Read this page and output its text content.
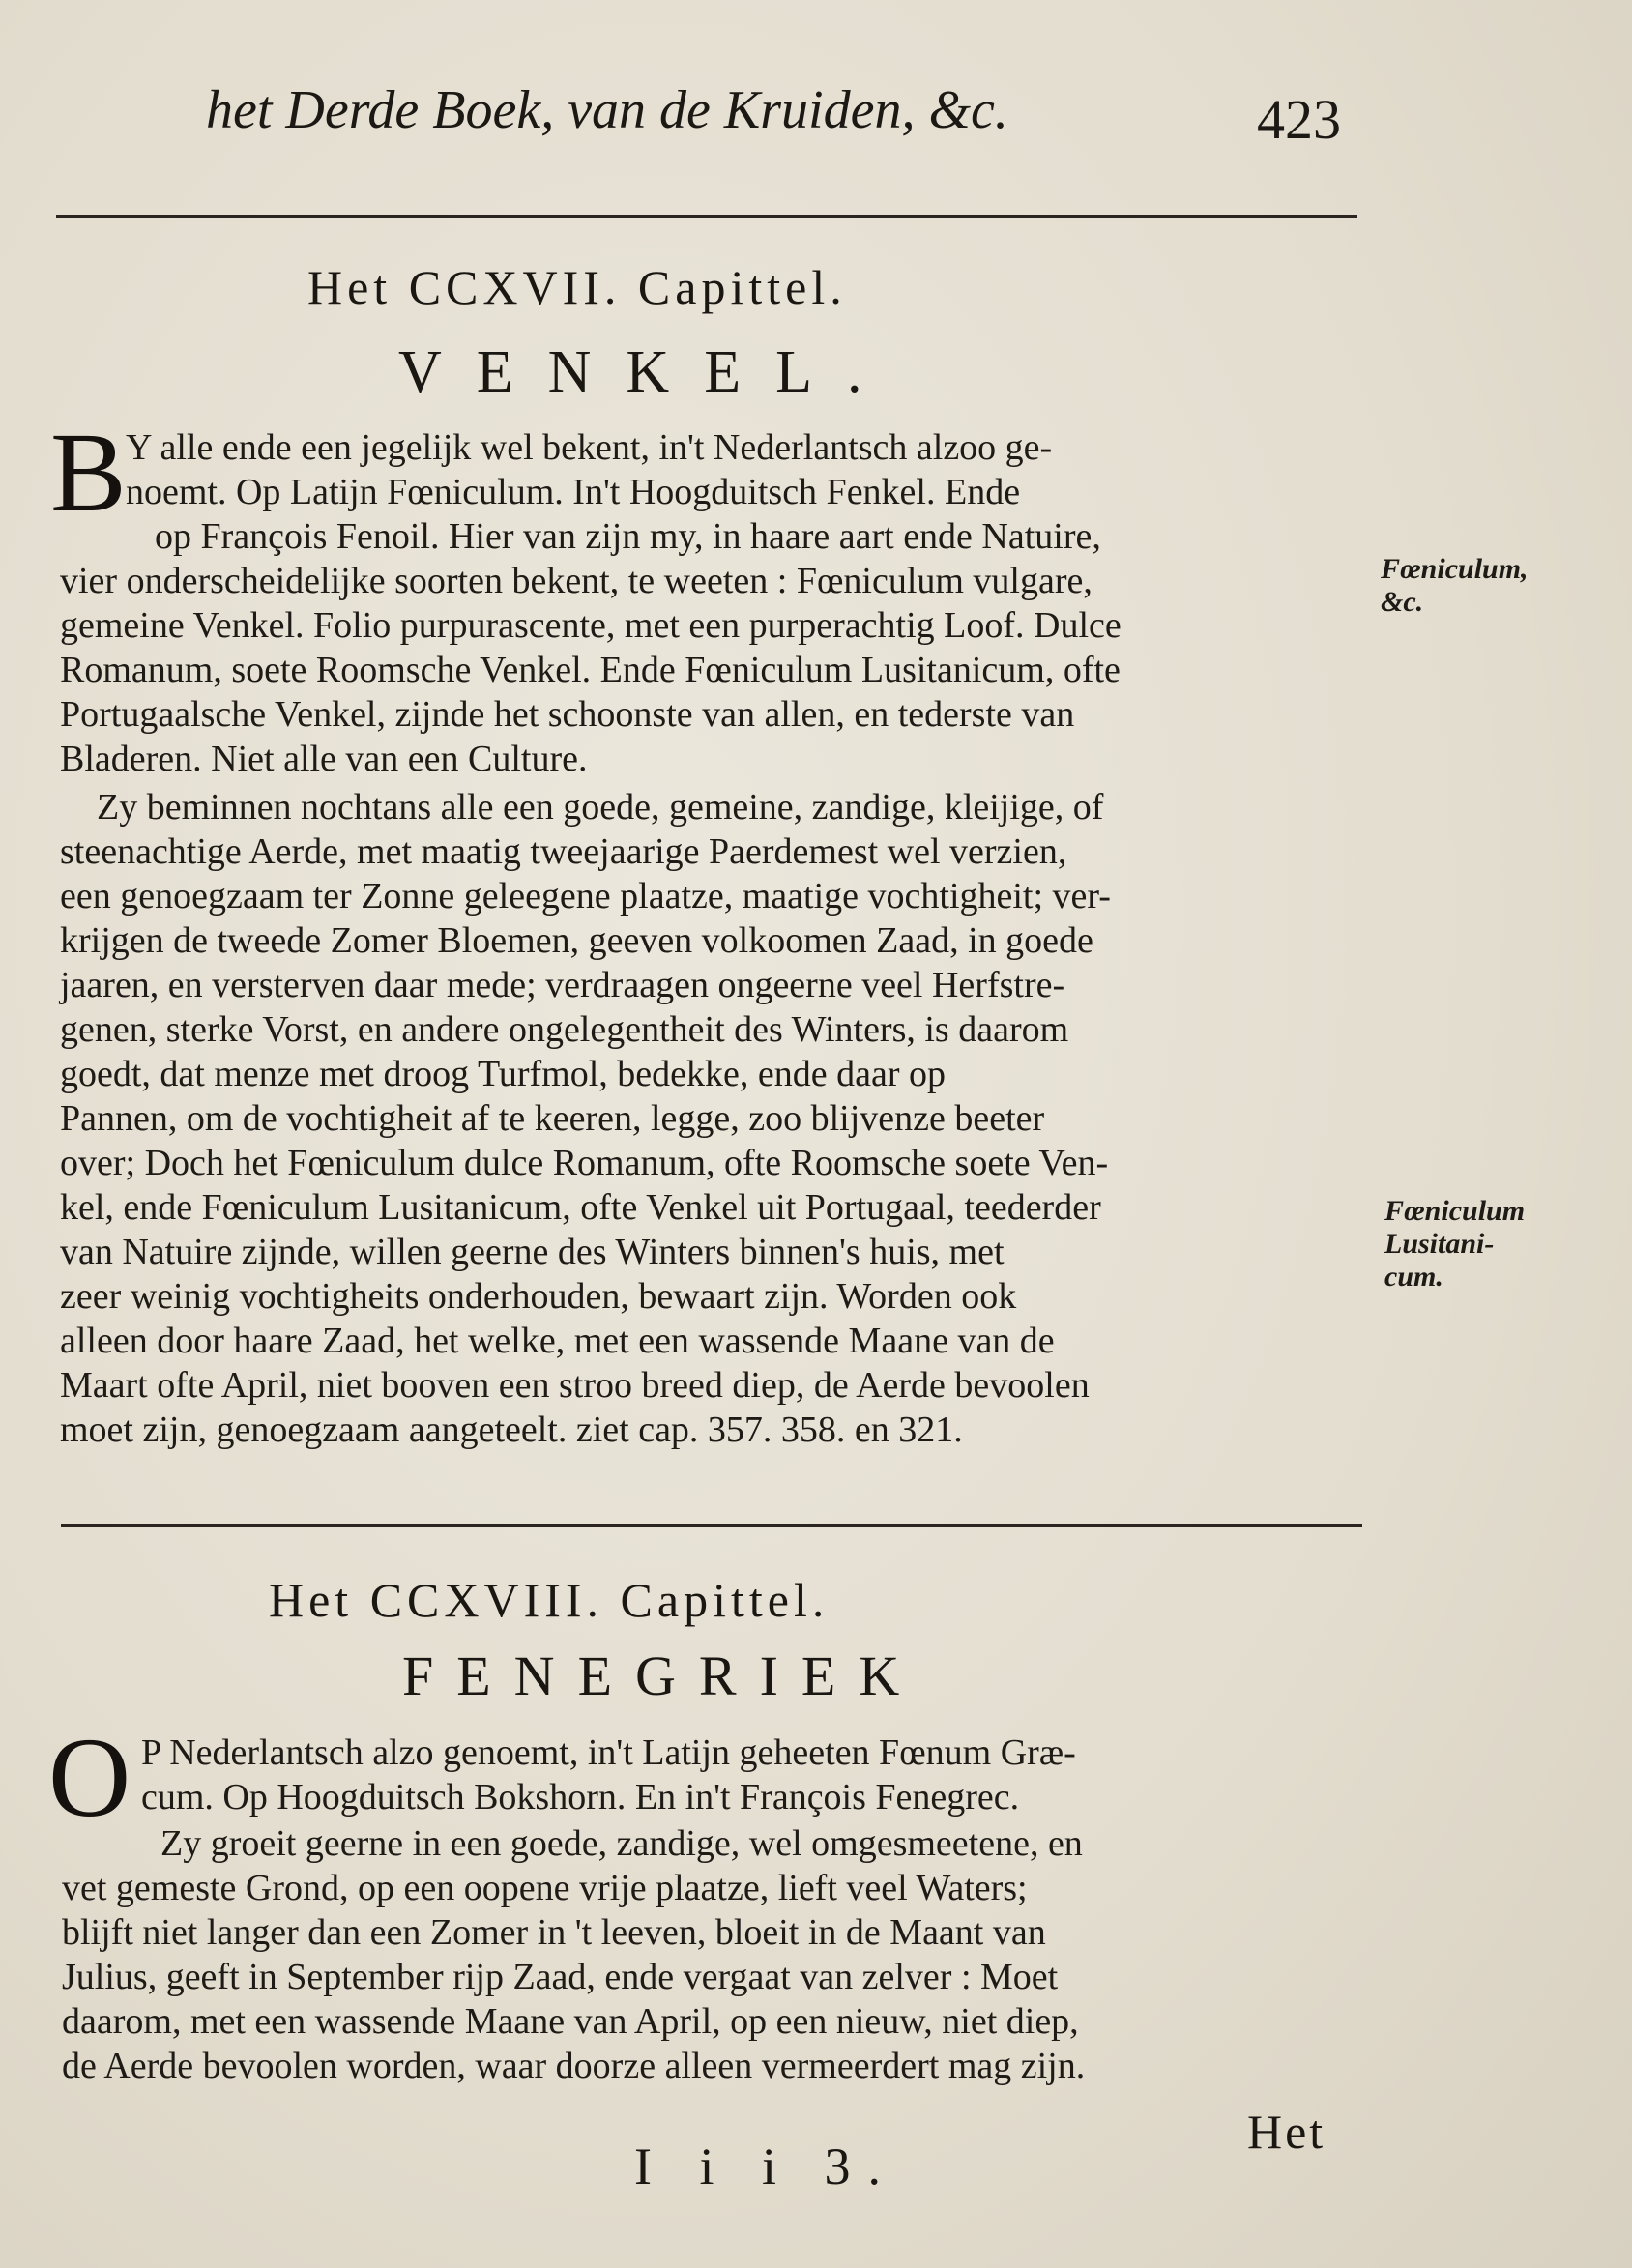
het Derde Boek, van de Kruiden, &c.	423
Het CCXVII. Capittel.
VENKEL.
B Y alle ende een jegelijk wel bekent, in't Nederlantsch alzoo ge-
noemt. Op Latijn Fœniculum. In't Hoogduitsch Fenkel. Ende
op François Fenoil. Hier van zijn my, in haare aart ende Natuire,
vier onderscheidelijke soorten bekent, te weeten : Fœniculum vulgare,
gemeine Venkel. Folio purpurascente, met een purperachtig Loof. Dulce
Romanum, soete Roomsche Venkel. Ende Fœniculum Lusitanicum, ofte
Portugaalsche Venkel, zijnde het schoonste van allen, en tederste van
Bladeren. Niet alle van een Culture.
Zy beminnen nochtans alle een goede, gemeine, zandige, kleijige, of
steenachtige Aerde, met maatig tweejaarige Paerdemest wel verzien,
een genoegzaam ter Zonne geleegene plaatze, maatige vochtigheit; ver-
krijgen de tweede Zomer Bloemen, geeven volkoomen Zaad, in goede
jaaren, en versterven daar mede; verdraagen ongeerne veel Herfstre-
genen, sterke Vorst, en andere ongelegentheit des Winters, is daarom
goedt, dat menze met droog Turfmol, bedekke, ende daar op
Pannen, om de vochtigheit af te keeren, legge, zoo blijvenze beeter
over; Doch het Fœniculum dulce Romanum, ofte Roomsche soete Ven-
kel, ende Fœniculum Lusitanicum, ofte Venkel uit Portugaal, teederder
van Natuire zijnde, willen geerne des Winters binnen's huis, met
zeer weinig vochtigheits onderhouden, bewaart zijn. Worden ook
alleen door haare Zaad, het welke, met een wassende Maane van de
Maart ofte April, niet booven een stroo breed diep, de Aerde bevoolen
moet zijn, genoegzaam aangeteelt. ziet cap. 357. 358. en 321.
Fœniculum,
&c.
Fœniculum
Lusitani-
cum.
Het CCXVIII. Capittel.
FENEGRIEK
O P Nederlantsch alzo genoemt, in't Latijn geheeten Fœnum Græ-
cum. Op Hoogduitsch Bokshorn. En in't François Fenegrec.
Zy groeit geerne in een goede, zandige, wel omgesmeetene, en
vet gemeste Grond, op een oopene vrije plaatze, lieft veel Waters;
blijft niet langer dan een Zomer in 't leeven, bloeit in de Maant van
Julius, geeft in September rijp Zaad, ende vergaat van zelver : Moet
daarom, met een wassende Maane van April, op een nieuw, niet diep,
de Aerde bevoolen worden, waar doorze alleen vermeerdert mag zijn.
I i i 3.
Het
